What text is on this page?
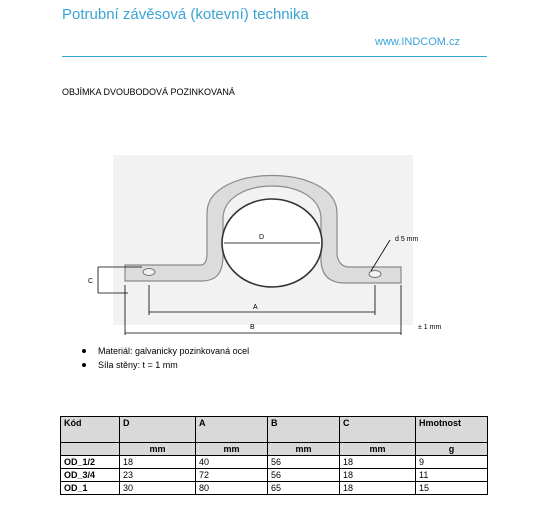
Potrubní závěsová (kotevní) technika
www.INDCOM.cz
OBJÍMKA DVOUBODOVÁ POZINKOVANÁ
D	d 5 mm
A
C
B	± 1 mm
Materiál: galvanicky pozinkovaná ocel
Síla stěny: t = 1 mm
Kód	D	A	B	C	Hmotnost
	mm	mm	mm	mm	g
OD_1/2	18	40	56	18	9
OD_3/4	23	72	56	18	11
OD_1	30	80	65	18	15
